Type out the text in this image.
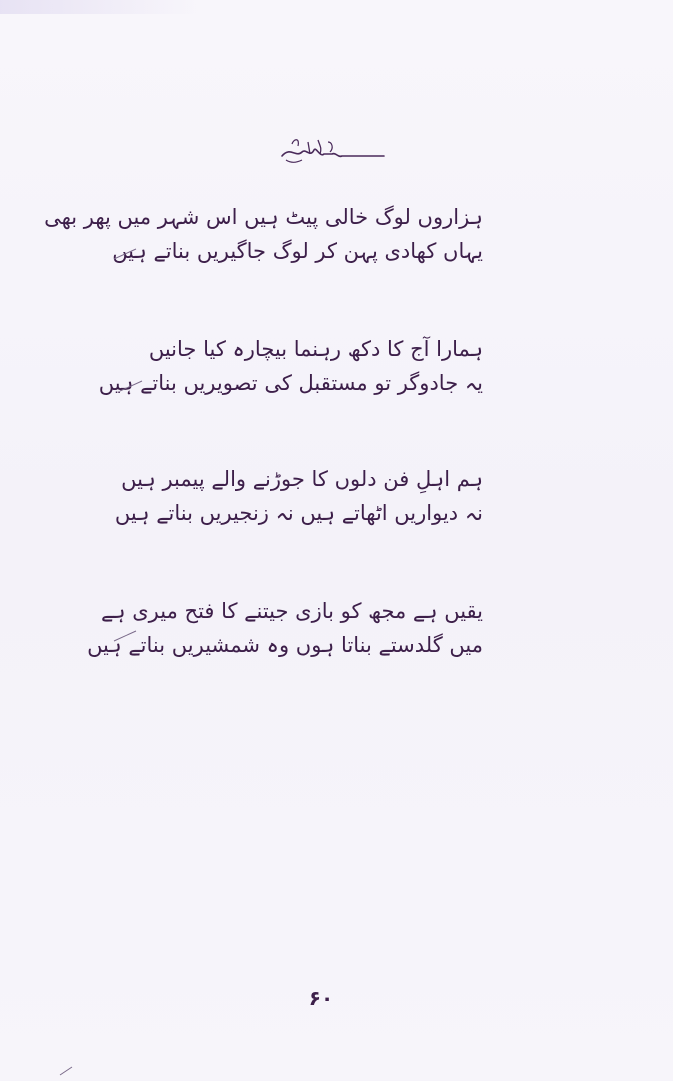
ہزاروں لوگ خالی پیٹ ہیں اس شہر میں پھر بھی
یہاں کھادی پہن کر لوگ جاگیریں بناتے ہیں
ہمارا آج کا دکھ رہنما بیچارہ کیا جانیں
یہ جادوگر تو مستقبل کی تصویریں بناتے ہیں
ہم اہلِ فن دلوں کا جوڑنے والے پیمبر ہیں
نہ دیواریں اٹھاتے ہیں نہ زنجیریں بناتے ہیں
یقیں ہے مجھ کو بازی جیتنے کا فتح میری ہے
میں گلدستے بناتا ہوں وہ شمشیریں بناتے ہیں
۶۰
